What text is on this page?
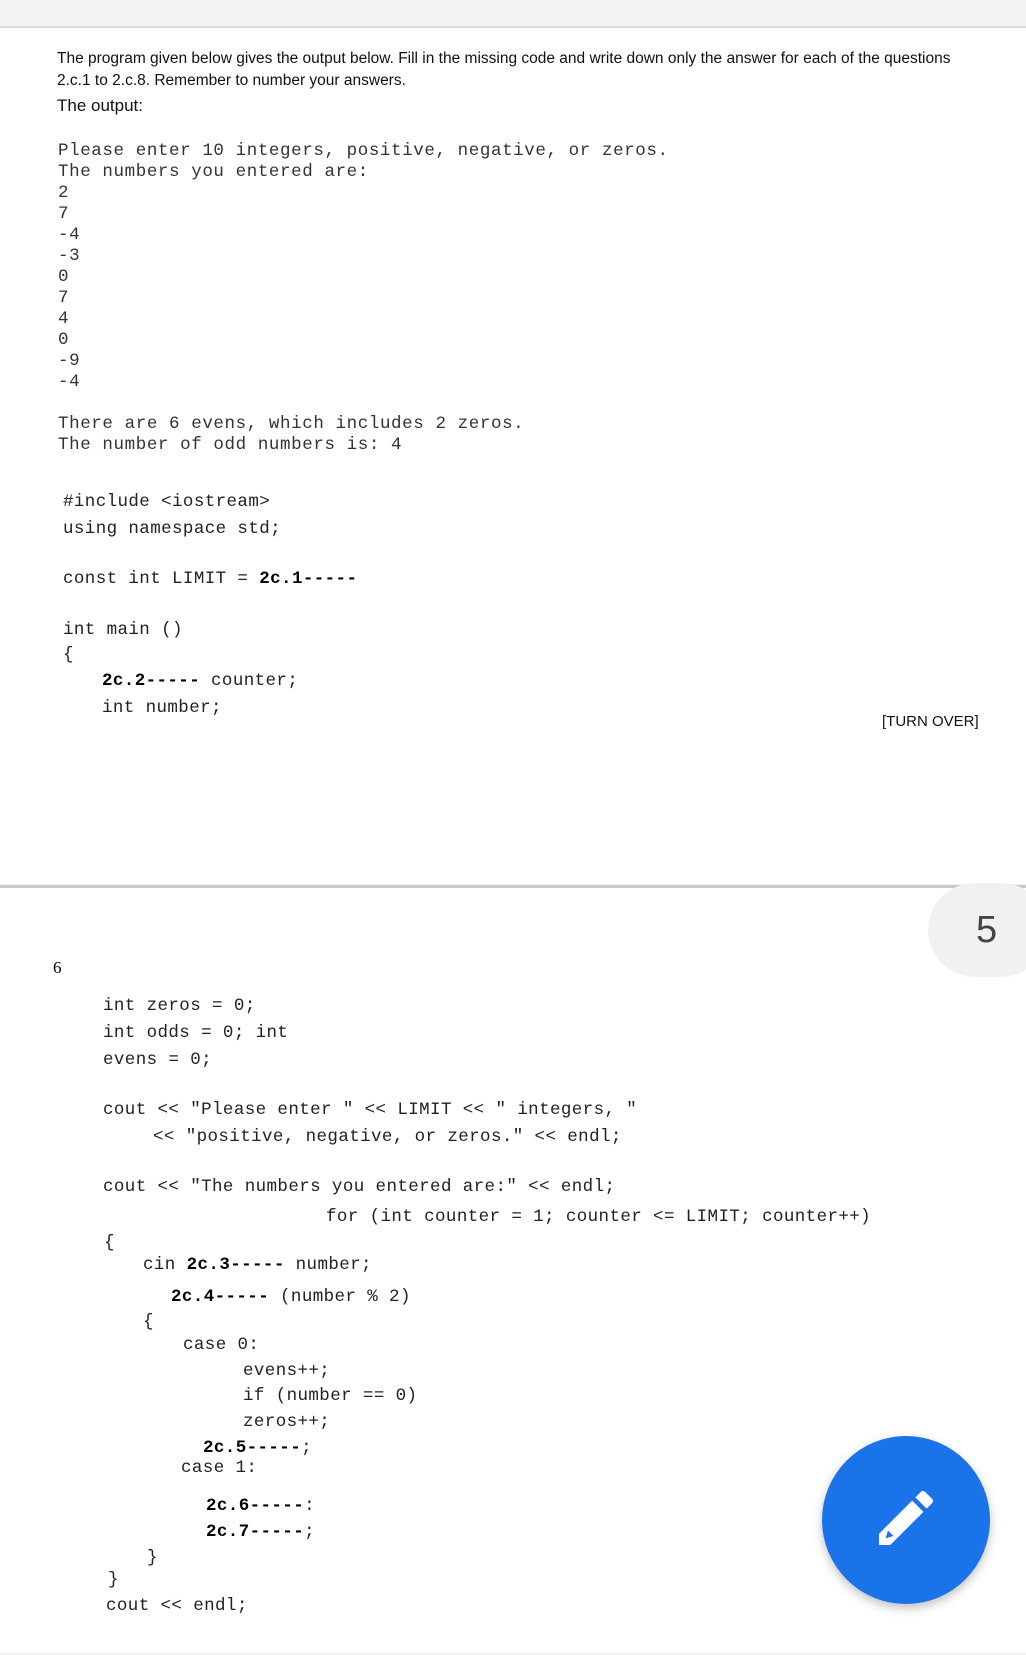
The program given below gives the output below. Fill in the missing code and write down only the answer for each of the questions 2.c.1 to 2.c.8. Remember to number your answers.
The output:
Please enter 10 integers, positive, negative, or zeros.
The numbers you entered are:
2
7
-4
-3
0
7
4
0
-9
-4
There are 6 evens, which includes 2 zeros.
The number of odd numbers is: 4
#include <iostream>
using namespace std;
const int LIMIT = 2c.1-----
int main ()
{
2c.2----- counter;
int number;
[TURN OVER]
6
int zeros = 0;
int odds = 0; int
evens = 0;
cout << "Please enter " << LIMIT << " integers, "
<< "positive, negative, or zeros." << endl;
cout << "The numbers you entered are:" << endl;
for (int counter = 1; counter <= LIMIT; counter++)
{
cin 2c.3----- number;
2c.4----- (number % 2)
{
case 0:
evens++;
if (number == 0)
zeros++;
2c.5-----;
case 1:
2c.6-----:
2c.7-----;
}
}
cout << endl;
5
